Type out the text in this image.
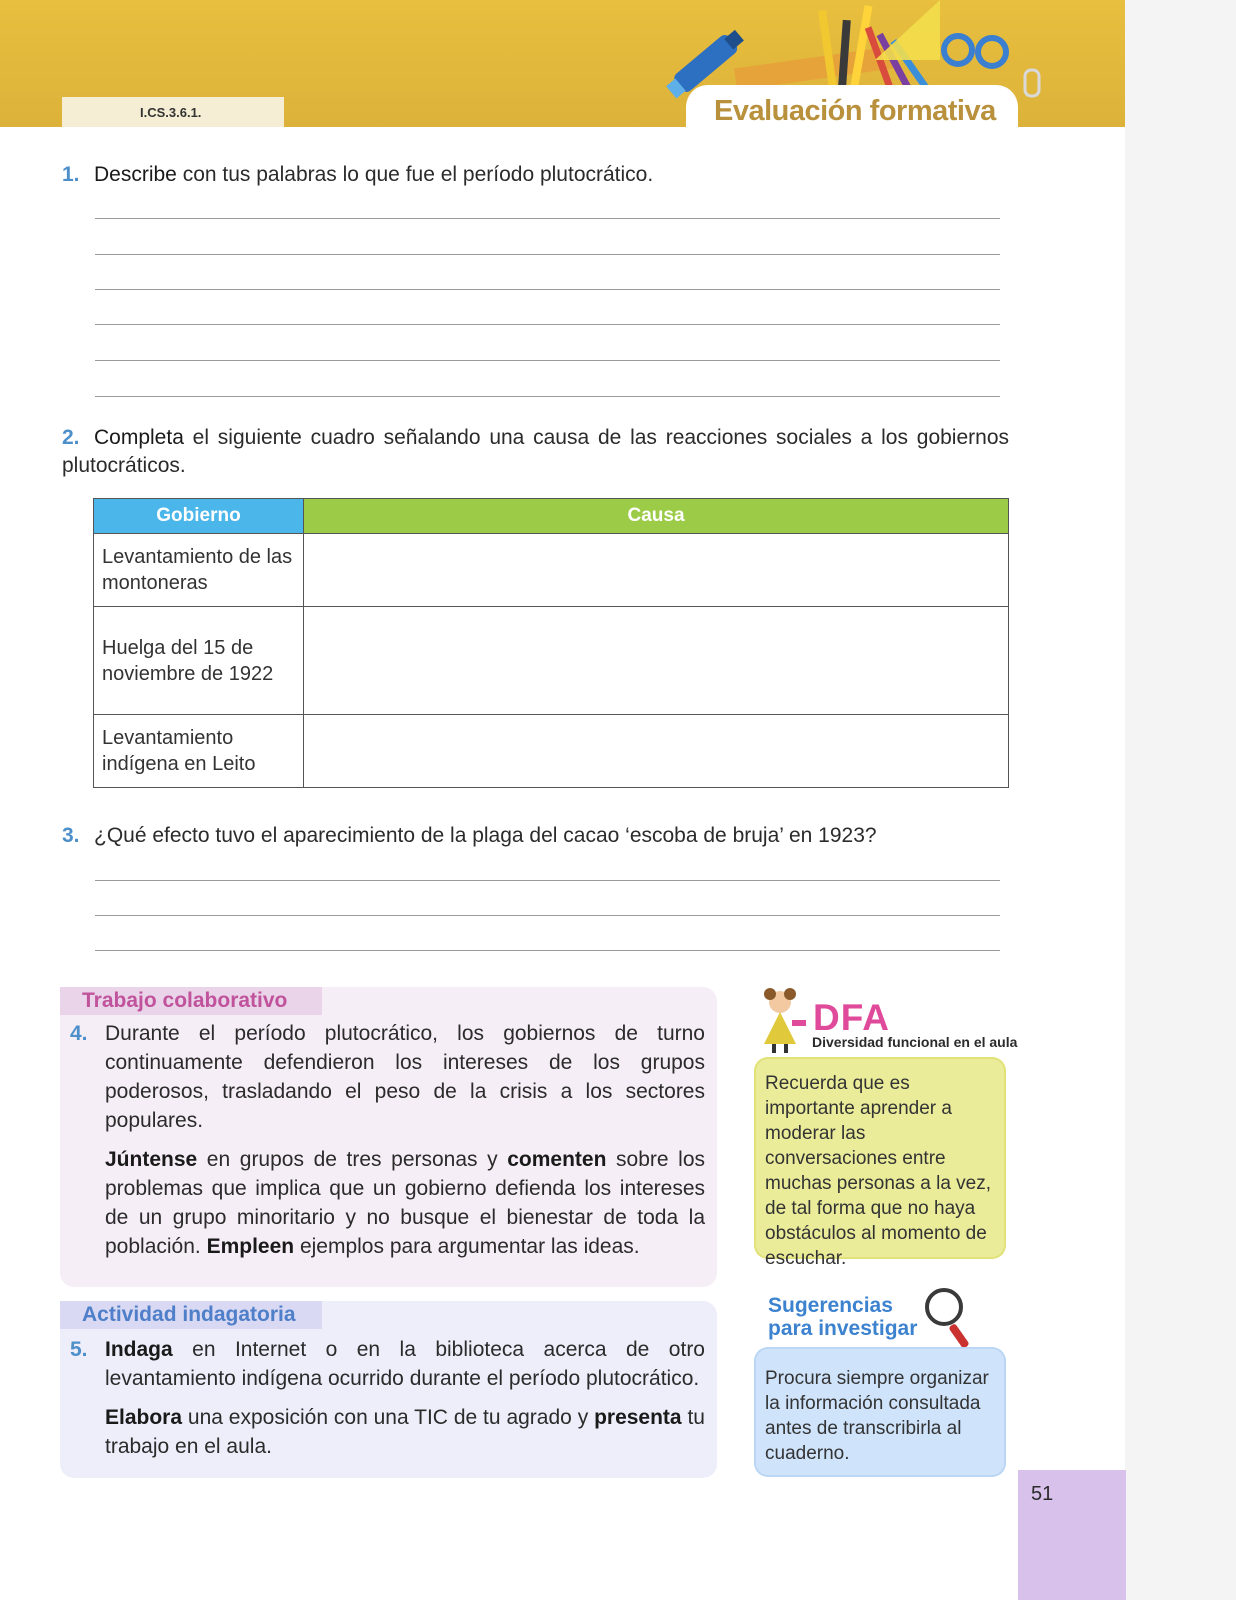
I.CS.3.6.1.	Evaluación formativa
1. Describe con tus palabras lo que fue el período plutocrático.
2. Completa el siguiente cuadro señalando una causa de las reacciones sociales a los gobiernos plutocráticos.
Gobierno	Causa
Levantamiento de las montoneras	
Huelga del 15 de noviembre de 1922	
Levantamiento indígena en Leito	
3. ¿Qué efecto tuvo el aparecimiento de la plaga del cacao ‘escoba de bruja’ en 1923?
Trabajo colaborativo
4. Durante el período plutocrático, los gobiernos de turno continuamente defendieron los intereses de los grupos poderosos, trasladando el peso de la crisis a los sectores populares.
Júntense en grupos de tres personas y comenten sobre los problemas que implica que un gobierno defienda los intereses de un grupo minoritario y no busque el bienestar de toda la población. Empleen ejemplos para argumentar las ideas.
Actividad indagatoria
5. Indaga en Internet o en la biblioteca acerca de otro levantamiento indígena ocurrido durante el período plutocrático.
Elabora una exposición con una TIC de tu agrado y presenta tu trabajo en el aula.
DFA
Diversidad funcional en el aula
Recuerda que es importante aprender a moderar las conversaciones entre muchas personas a la vez, de tal forma que no haya obstáculos al momento de escuchar.
Sugerencias
para investigar
Procura siempre organizar la información consultada antes de transcribirla al cuaderno.
51
